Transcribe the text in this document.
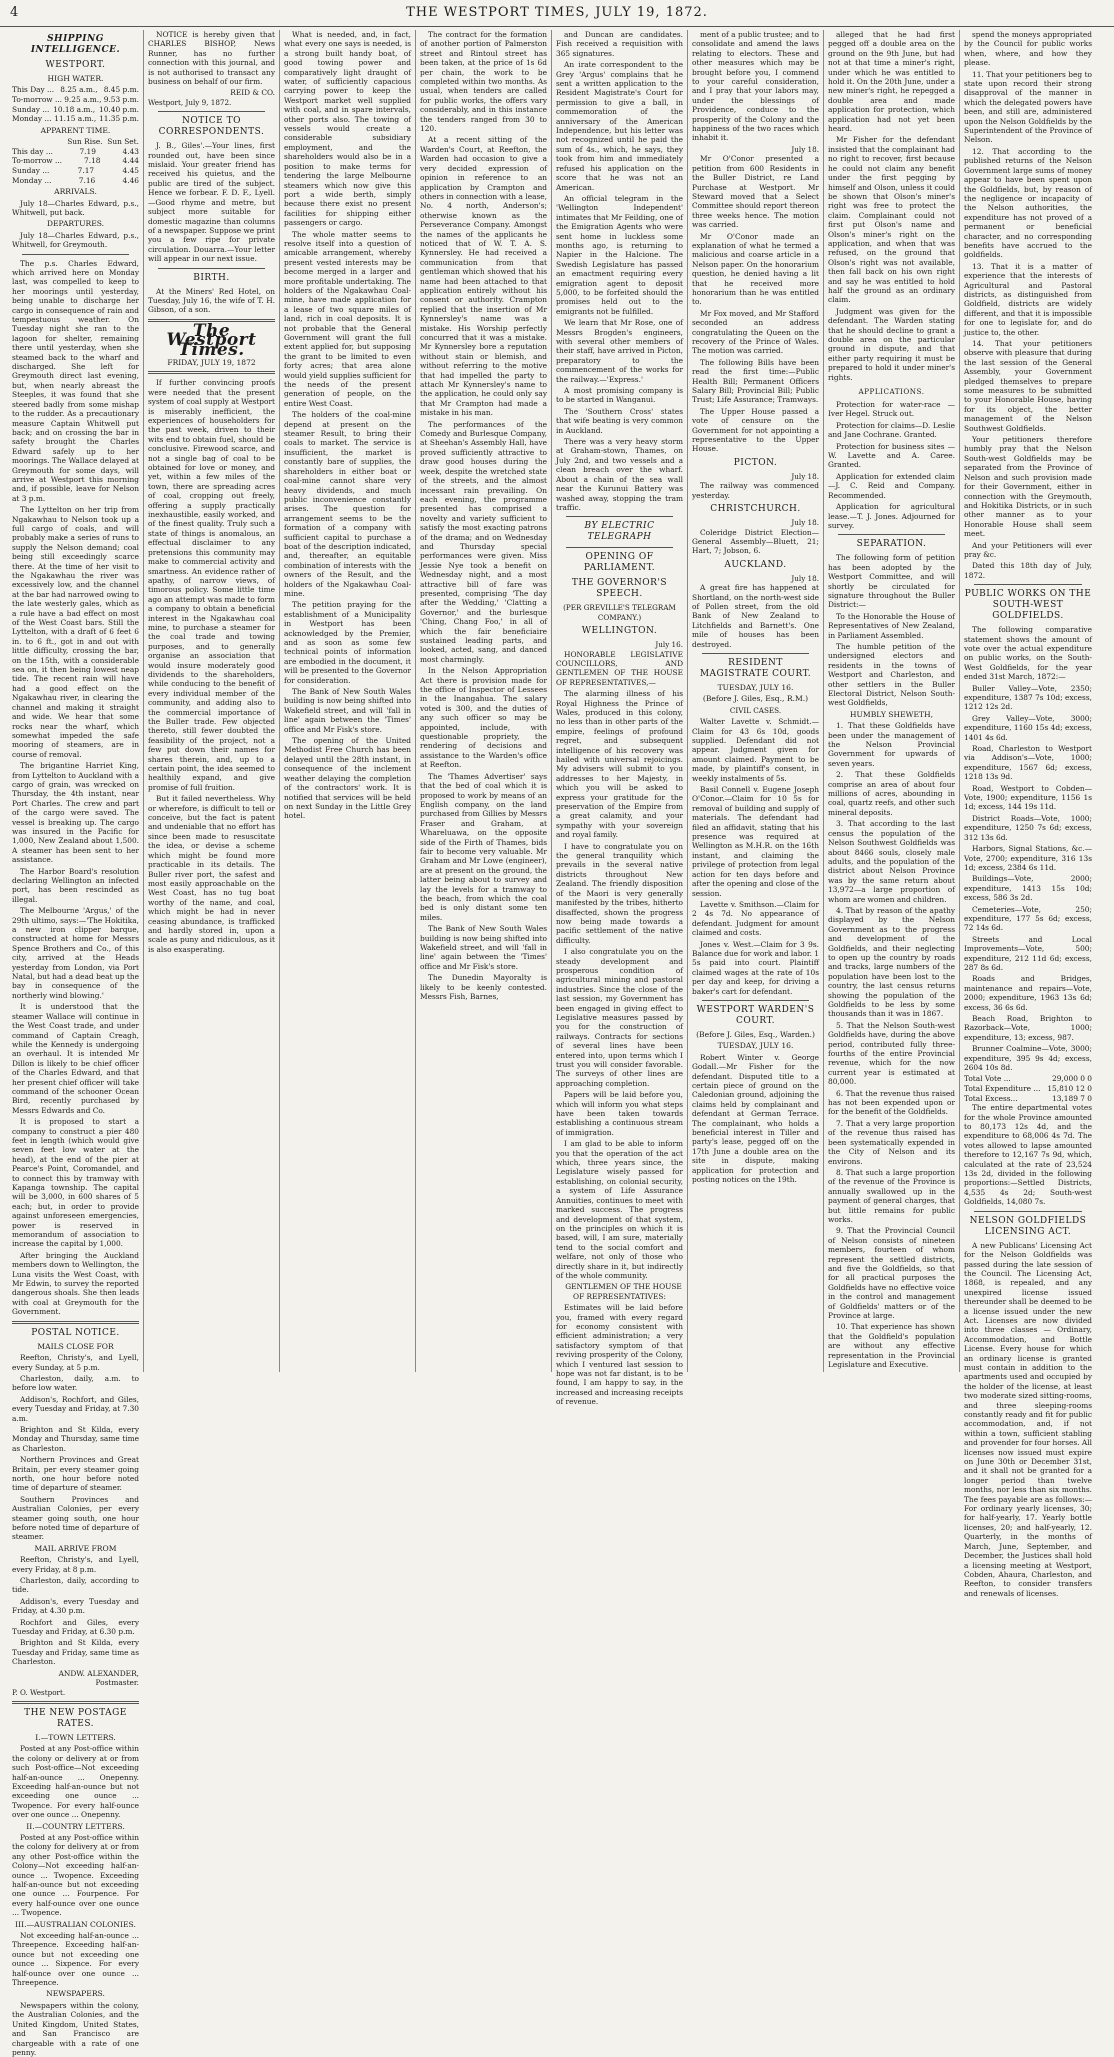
4	THE WESTPORT TIMES, JULY 19, 1872.
SHIPPING INTELLIGENCE.
WESTPORT.
HIGH WATER.
This Day ... 8.25 a.m., 8.45 p.m.
To-morrow ... 9.25 a.m., 9.53 p.m.
Sunday ... 10.18 a.m., 10.40 p.m.
Monday ... 11.15 a.m., 11.35 p.m.
APPARENT TIME.
Sun Rise. Sun Set.
This day ...	7.19	4.43
To-morrow ...	7.18	4.44
Sunday ...	7.17	4.45
Monday ...	7.16	4.46
ARRIVALS.

July 18—Charles Edward, p.s., Whitwell, put back.

DEPARTURES.

July 18—Charles Edward, p.s., Whitwell, for Greymouth.

The p.s. Charles Edward, which arrived here on Monday last, was compelled to keep to her moorings until yesterday, being unable to discharge her cargo in consequence of rain and tempestuous weather. On Tuesday night she ran to the lagoon for shelter, remaining there until yesterday, when she steamed back to the wharf and discharged. She left for Greymouth direct last evening, but, when nearly abreast the Steeples, it was found that she steered badly from some mishap to the rudder. As a precautionary measure Captain Whitwell put back; and on crossing the bar in safety brought the Charles Edward safely up to her moorings. The Wallace delayed at Greymouth for some days, will arrive at Westport this morning and, if possible, leave for Nelson at 3 p.m.

The Lyttelton on her trip from Ngakawhau to Nelson took up a full cargo of coals, and will probably make a series of runs to supply the Nelson demand; coal being still exceedingly scarce there. At the time of her visit to the Ngakawhau the river was excessively low, and the channel at the bar had narrowed owing to the late westerly gales, which as a rule have a bad effect on most of the West Coast bars. Still the Lyttelton, with a draft of 6 feet 6 in. to 6 ft., got in and out with little difficulty, crossing the bar, on the 15th, with a considerable sea on, it then being lowest neap tide. The recent rain will have had a good effect on the Ngakawhau river, in clearing the channel and making it straight and wide. We hear that some rocks near the wharf, which somewhat impeded the safe mooring of steamers, are in course of removal.

The brigantine Harriet King, from Lyttelton to Auckland with a cargo of grain, was wrecked on Thursday, the 4th instant, near Port Charles. The crew and part of the cargo were saved. The vessel is breaking up. The cargo was insured in the Pacific for 1,000, New Zealand about 1,500. A steamer has been sent to her assistance.

The Harbor Board's resolution declaring Wellington an infected port, has been rescinded as illegal.

The Melbourne 'Argus,' of the 29th ultimo, says:—'The Hokitika, a new iron clipper barque, constructed at home for Messrs Spence Brothers and Co., of this city, arrived at the Heads yesterday from London, via Port Natal, but had a dead beat up the bay in consequence of the northerly wind blowing.'

It is understood that the steamer Wallace will continue in the West Coast trade, and under command of Captain Creagh, while the Kennedy is undergoing an overhaul. It is intended Mr Dillon is likely to be chief officer of the Charles Edward, and that her present chief officer will take command of the schooner Ocean Bird, recently purchased by Messrs Edwards and Co.

It is proposed to start a company to construct a pier 480 feet in length (which would give seven feet low water at the head), at the end of the pier at Pearce's Point, Coromandel, and to connect this by tramway with Kapanga township. The capital will be 3,000, in 600 shares of 5 each; but, in order to provide against unforeseen emergencies, power is reserved in memorandum of association to increase the capital by 1,000.

After bringing the Auckland members down to Wellington, the Luna visits the West Coast, with Mr Edwin, to survey the reported dangerous shoals. She then leads with coal at Greymouth for the Government.

POSTAL NOTICE.
MAILS CLOSE FOR

Reefton, Christy's, and Lyell, every Sunday, at 5 p.m.

Charleston, daily, a.m. to before low water.

Addison's, Rochfort, and Giles, every Tuesday and Friday, at 7.30 a.m.

Brighton and St Kilda, every Monday and Thursday, same time as Charleston.

Northern Provinces and Great Britain, per every steamer going north, one hour before noted time of departure of steamer.

Southern Provinces and Australian Colonies, per every steamer going south, one hour before noted time of departure of steamer.

MAIL ARRIVE FROM

Reefton, Christy's, and Lyell, every Friday, at 8 p.m.

Charleston, daily, according to tide.

Addison's, every Tuesday and Friday, at 4.30 p.m.

Rochfort and Giles, every Tuesday and Friday, at 6.30 p.m.

Brighton and St Kilda, every Tuesday and Friday, same time as Charleston.

ANDW. ALEXANDER,
Postmaster.
P. O. Westport.
THE NEW POSTAGE RATES.
I.—TOWN LETTERS.

Posted at any Post-office within the colony or delivery at or from such Post-office—Not exceeding half-an-ounce ... Onepenny. Exceeding half-an-ounce but not exceeding one ounce ... Twopence. For every half-ounce over one ounce ... Onepenny.

II.—COUNTRY LETTERS.

Posted at any Post-office within the colony for delivery at or from any other Post-office within the Colony—Not exceeding half-an-ounce ... Twopence. Exceeding half-an-ounce but not exceeding one ounce ... Fourpence. For every half-ounce over one ounce ... Twopence.

III.—AUSTRALIAN COLONIES.

Not exceeding half-an-ounce ... Threepence. Exceeding half-an-ounce but not exceeding one ounce ... Sixpence. For every half-ounce over one ounce ... Threepence.

NEWSPAPERS.

Newspapers within the colony, the Australian Colonies, and the United Kingdom, United States, and San Francisco are chargeable with a rate of one penny.

NOTICE is hereby given that CHARLES BISHOP, News Runner, has no further connection with this journal, and is not authorised to transact any business on behalf of our firm.

REID & CO.
Westport, July 9, 1872.
NOTICE TO CORRESPONDENTS.

J. B., Giles'.—Your lines, first rounded out, have been since mislaid. Your greater friend has received his quietus, and the public are tired of the subject. Hence we forbear. F. D. F., Lyell.—Good rhyme and metre, but subject more suitable for domestic magazine than columns of a newspaper. Suppose we print you a few ripe for private circulation. Douarra.—Your letter will appear in our next issue.

BIRTH.

At the Miners' Red Hotel, on Tuesday, July 16, the wife of T. H. Gibson, of a son.

The Westport Times.
FRIDAY, JULY 19, 1872

If further convincing proofs were needed that the present system of coal supply at Westport is miserably inefficient, the experiences of householders for the past week, driven to their wits end to obtain fuel, should be conclusive. Firewood scarce, and not a single bag of coal to be obtained for love or money, and yet, within a few miles of the town, there are spreading acres of coal, cropping out freely, offering a supply practically inexhaustible, easily worked, and of the finest quality. Truly such a state of things is anomalous, an effectual disclaimer to any pretensions this community may make to commercial activity and smartness. An evidence rather of apathy, of narrow views, of timorous policy. Some little time ago an attempt was made to form a company to obtain a beneficial interest in the Ngakawhau coal mine, to purchase a steamer for the coal trade and towing purposes, and to generally organise an association that would insure moderately good dividends to the shareholders, while conducing to the benefit of every individual member of the community, and adding also to the commercial importance of the Buller trade. Few objected thereto, still fewer doubted the feasibility of the project, not a few put down their names for shares therein, and, up to a certain point, the idea seemed to healthily expand, and give promise of full fruition.

But it failed nevertheless. Why or wherefore, is difficult to tell or conceive, but the fact is patent and undeniable that no effort has since been made to resuscitate the idea, or devise a scheme which might be found more practicable in its details. The Buller river port, the safest and most easily approachable on the West Coast, has no tug boat worthy of the name, and coal, which might be had in never ceasing abundance, is trafficked and hardly stored in, upon a scale as puny and ridiculous, as it is also exasperating.

What is needed, and, in fact, what every one says is needed, is a strong built handy boat, of good towing power and comparatively light draught of water, of sufficiently capacious carrying power to keep the Westport market well supplied with coal, and in spare intervals, other ports also. The towing of vessels would create a considerable subsidiary employment, and the shareholders would also be in a position to make terms for tendering the large Melbourne steamers which now give this port a wide berth, simply because there exist no present facilities for shipping either passengers or cargo.

The whole matter seems to resolve itself into a question of amicable arrangement, whereby present vested interests may be become merged in a larger and more profitable undertaking. The holders of the Ngakawhau Coal-mine, have made application for a lease of two square miles of land, rich in coal deposits. It is not probable that the General Government will grant the full extent applied for, but supposing the grant to be limited to even forty acres; that area alone would yield supplies sufficient for the needs of the present generation of people, on the entire West Coast.

The holders of the coal-mine depend at present on the steamer Result, to bring their coals to market. The service is insufficient, the market is constantly bare of supplies, the shareholders in either boat or coal-mine cannot share very heavy dividends, and much public inconvenience constantly arises. The question for arrangement seems to be the formation of a company with sufficient capital to purchase a boat of the description indicated, and, thereafter, an equitable combination of interests with the owners of the Result, and the holders of the Ngakawhau Coal-mine.

The petition praying for the establishment of a Municipality in Westport has been acknowledged by the Premier, and as soon as some few technical points of information are embodied in the document, it will be presented to the Governor for consideration.

The Bank of New South Wales building is now being shifted into Wakefield street, and will 'fall in line' again between the 'Times' office and Mr Fisk's store.

The opening of the United Methodist Free Church has been delayed until the 28th instant, in consequence of the inclement weather delaying the completion of the contractors' work. It is notified that services will be held on next Sunday in the Little Grey hotel.

The contract for the formation of another portion of Palmerston street and Rintoul street has been taken, at the price of 1s 6d per chain, the work to be completed within two months. As usual, when tenders are called for public works, the offers vary considerably, and in this instance the tenders ranged from 30 to 120.

At a recent sitting of the Warden's Court, at Reefton, the Warden had occasion to give a very decided expression of opinion in reference to an application by Crampton and others in connection with a lease, No. 4 north, Anderson's; otherwise known as the Perseverance Company. Amongst the names of the applicants he noticed that of W. T. A. S. Kynnersley. He had received a communication from that gentleman which showed that his name had been attached to that application entirely without his consent or authority. Crampton replied that the insertion of Mr Kynnersley's name was a mistake. His Worship perfectly concurred that it was a mistake. Mr Kynnersley bore a reputation without stain or blemish, and without referring to the motive that had impelled the party to attach Mr Kynnersley's name to the application, he could only say that Mr Crampton had made a mistake in his man.

The performances of the Comedy and Burlesque Company, at Sheehan's Assembly Hall, have proved sufficiently attractive to draw good houses during the week, despite the wretched state of the streets, and the almost incessant rain prevailing. On each evening, the programme presented has comprised a novelty and variety sufficient to satisfy the most exacting patrons of the drama; and on Wednesday and Thursday special performances were given. Miss Jessie Nye took a benefit on Wednesday night, and a most attractive bill of fare was presented, comprising 'The day after the Wedding,' 'Clatting a Governor,' and the burlesque 'Ching, Chang Foo,' in all of which the fair beneficiaire sustained leading parts, and looked, acted, sang, and danced most charmingly.

In the Nelson Appropriation Act there is provision made for the office of Inspector of Lessees in the Inangahua. The salary voted is 300, and the duties of any such officer so may be appointed, include, with questionable propriety, the rendering of decisions and assistance to the Warden's office at Reefton.

The 'Thames Advertiser' says that the bed of coal which it is proposed to work by means of an English company, on the land purchased from Gillies by Messrs Fraser and Graham, at Whareluawa, on the opposite side of the Firth of Thames, bids fair to become very valuable. Mr Graham and Mr Lowe (engineer), are at present on the ground, the latter being about to survey and lay the levels for a tramway to the beach, from which the coal bed is only distant some ten miles.

The Bank of New South Wales building is now being shifted into Wakefield street, and will 'fall in line' again between the 'Times' office and Mr Fisk's store.

The Dunedin Mayoralty is likely to be keenly contested. Messrs Fish, Barnes,

and Duncan are candidates. Fish received a requisition with 365 signatures.

An irate correspondent to the Grey 'Argus' complains that he sent a written application to the Resident Magistrate's Court for permission to give a ball, in commemoration of the anniversary of the American Independence, but his letter was not recognized until he paid the sum of 4s., which, he says, they took from him and immediately refused his application on the score that he was not an American.

An official telegram in the 'Wellington Independent' intimates that Mr Feilding, one of the Emigration Agents who were sent home in luckless some months ago, is returning to Napier in the Halcione. The Swedish Legislature has passed an emactment requiring every emigration agent to deposit 5,000, to be forfeited should the promises held out to the emigrants not be fulfilled.

We learn that Mr Rose, one of Messrs Brogden's engineers, with several other members of their staff, have arrived in Picton, preparatory to the commencement of the works for the railway.—'Express.'

A most promising company is to be started in Wanganui.

The 'Southern Cross' states that wife beating is very common in Auckland.

There was a very heavy storm at Graham-stown, Thames, on July 2nd, and two vessels and a clean breach over the wharf. About a chain of the sea wall near the Kurunui Battery was washed away, stopping the tram traffic.

BY ELECTRIC TELEGRAPH
OPENING OF PARLIAMENT.
THE GOVERNOR'S SPEECH.
(PER GREVILLE'S TELEGRAM COMPANY.)
WELLINGTON.
July 16.

HONORABLE LEGISLATIVE COUNCILLORS, AND GENTLEMEN OF THE HOUSE OF REPRESENTATIVES,—

The alarming illness of his Royal Highness the Prince of Wales, produced in this colony, no less than in other parts of the empire, feelings of profound regret, and subsequent intelligence of his recovery was hailed with universal rejoicings. My advisers will submit to you addresses to her Majesty, in which you will be asked to express your gratitude for the preservation of the Empire from a great calamity, and your sympathy with your sovereign and royal family.

I have to congratulate you on the general tranquility which prevails in the several native districts throughout New Zealand. The friendly disposition of the Maori is very generally manifested by the tribes, hitherto disaffected, shown the progress now being made towards a pacific settlement of the native difficulty.

I also congratulate you on the steady development and prosperous condition of agricultural mining and pastoral industries. Since the close of the last session, my Government has been engaged in giving effect to Legislative measures passed by you for the construction of railways. Contracts for sections of several lines have been entered into, upon terms which I trust you will consider favorable. The surveys of other lines are approaching completion.

Papers will be laid before you, which will inform you what steps have been taken towards establishing a continuous stream of immigration.

I am glad to be able to inform you that the operation of the act which, three years since, the Legislature wisely passed for establishing, on colonial security, a system of Life Assurance Annuities, continues to meet with marked success. The progress and development of that system, on the principles on which it is based, will, I am sure, materially tend to the social comfort and welfare, not only of those who directly share in it, but indirectly of the whole community.

GENTLEMEN OF THE HOUSE OF REPRESENTATIVES:

Estimates will be laid before you, framed with every regard for economy consistent with efficient administration; a very satisfactory symptom of that reviving prosperity of the Colony, which I ventured last session to hope was not far distant, is to be found, I am happy to say, in the increased and increasing receipts of revenue.

ment of a public trustee; and to consolidate and amend the laws relating to electors. These and other measures which may be brought before you, I commend to your careful consideration, and I pray that your labors may, under the blessings of Providence, conduce to the prosperity of the Colony and the happiness of the two races which inhabit it.

July 18.

Mr O'Conor presented a petition from 600 Residents in the Buller District, re Land Purchase at Westport. Mr Steward moved that a Select Committee should report thereon three weeks hence. The motion was carried.

Mr O'Conor made an explanation of what he termed a malicious and coarse article in a Nelson paper. On the honorarium question, he denied having a lit that he received more honorarium than he was entitled to.

Mr Fox moved, and Mr Stafford seconded an address congratulating the Queen on the recovery of the Prince of Wales. The motion was carried.

The following Bills have been read the first time:—Public Health Bill; Permanent Officers Salary Bill; Provincial Bill; Public Trust; Life Assurance; Tramways.

The Upper House passed a vote of censure on the Government for not appointing a representative to the Upper House.

PICTON.
July 18.

The railway was commenced yesterday.

CHRISTCHURCH.
July 18.

Coleridge District Election—General Assembly—Bluett, 21; Hart, 7; Jobson, 6.

AUCKLAND.
July 18.

A great fire has happened at Shortland, on the north-west side of Pollen street, from the old Bank of New Zealand to Litchfields and Barnett's. One mile of houses has been destroyed.

RESIDENT MAGISTRATE COURT.
TUESDAY, JULY 16.
(Before J. Giles, Esq., R.M.)
CIVIL CASES.

Walter Lavette v. Schmidt.—Claim for 43 6s 10d, goods supplied. Defendant did not appear. Judgment given for amount claimed. Payment to be made, by plaintiff's consent, in weekly instalments of 5s.

Basil Connell v. Eugene Joseph O'Conor.—Claim for 10 5s for removal of building and supply of materials. The defendant had filed an affidavit, stating that his presence was required at Wellington as M.H.R. on the 16th instant, and claiming the privilege of protection from legal action for ten days before and after the opening and close of the session.

Lavette v. Smithson.—Claim for 2 4s 7d. No appearance of defendant. Judgment for amount claimed and costs.

Jones v. West.—Claim for 3 9s. Balance due for work and labor. 1 5s paid into court. Plaintiff claimed wages at the rate of 10s per day and keep, for driving a baker's cart for defendant.

WESTPORT WARDEN'S COURT.
(Before J. Giles, Esq., Warden.)
TUESDAY, JULY 16.

Robert Winter v. George Godall.—Mr Fisher for the defendant. Disputed title to a certain piece of ground on the Caledonian ground, adjoining the claims held by complainant and defendant at German Terrace. The complainant, who holds a beneficial interest in Tiller and party's lease, pegged off on the 17th June a double area on the site in dispute, making application for protection and posting notices on the 19th.

alleged that he had first pegged off a double area on the ground on the 9th June, but had not at that time a miner's right, under which he was entitled to hold it. On the 20th June, under a new miner's right, he repegged a double area and made application for protection, which application had not yet been heard.

Mr Fisher for the defendant insisted that the complainant had no right to recover, first because he could not claim any benefit under the first pegging by himself and Olson, unless it could be shown that Olson's miner's right was free to protect the claim. Complainant could not first put Olson's name and Olson's miner's right on the application, and when that was refused, on the ground that Olson's right was not available, then fall back on his own right and say he was entitled to hold half the ground as an ordinary claim.

Judgment was given for the defendant. The Warden stating that he should decline to grant a double area on the particular ground in dispute, and that either party requiring it must be prepared to hold it under miner's rights.

APPLICATIONS.

Protection for water-race — Iver Hegel. Struck out.

Protection for claims—D. Leslie and Jane Cochrane. Granted.

Protection for business sites — W. Lavette and A. Caree. Granted.

Application for extended claim—J. C. Reid and Company. Recommended.

Application for agricultural lease.—T. J. Jones. Adjourned for survey.

SEPARATION.

The following form of petition has been adopted by the Westport Committee, and will shortly be circulated for signature throughout the Buller District:—

To the Honorable the House of Representatives of New Zealand, in Parliament Assembled.

The humble petition of the undersigned electors and residents in the towns of Westport and Charleston, and other settlers in the Buller Electoral District, Nelson South-west Goldfields,

HUMBLY SHEWETH,

1. That these Goldfields have been under the management of the Nelson Provincial Government for upwards of seven years.

2. That these Goldfields comprise an area of about four millions of acres, abounding in coal, quartz reefs, and other such mineral deposits.

3. That according to the last census the population of the Nelson Southwest Goldfields was about 8466 souls, closely male adults, and the population of the district about Nelson Province was by the same return about 13,972—a large proportion of whom are women and children.

4. That by reason of the apathy displayed by the Nelson Government as to the progress and development of the Goldfields, and their neglecting to open up the country by roads and tracks, large numbers of the population have been lost to the country, the last census returns showing the population of the Goldfields to be less by some thousands than it was in 1867.

5. That the Nelson South-west Goldfields have, during the above period, contributed fully three-fourths of the entire Provincial revenue, which for the now current year is estimated at 80,000.

6. That the revenue thus raised has not been expended upon or for the benefit of the Goldfields.

7. That a very large proportion of the revenue thus raised has been systematically expended in the City of Nelson and its environs.

8. That such a large proportion of the revenue of the Province is annually swallowed up in the payment of general charges, that but little remains for public works.

9. That the Provincial Council of Nelson consists of nineteen members, fourteen of whom represent the settled districts, and five the Goldfields, so that for all practical purposes the Goldfields have no effective voice in the control and management of Goldfields' matters or of the Province at large.

10. That experience has shown that the Goldfield's population are without any effective representation in the Provincial Legislature and Executive.

spend the moneys appropriated by the Council for public works when, where, and how they please.

11. That your petitioners beg to state upon record their strong disapproval of the manner in which the delegated powers have been, and still are, administered upon the Nelson Goldfields by the Superintendent of the Province of Nelson.

12. That according to the published returns of the Nelson Government large sums of money appear to have been spent upon the Goldfields, but, by reason of the negligence or incapacity of the Nelson authorities, the expenditure has not proved of a permanent or beneficial character, and no corresponding benefits have accrued to the goldfields.

13. That it is a matter of experience that the interests of Agricultural and Pastoral districts, as distinguished from Goldfield, districts are widely different, and that it is impossible for one to legislate for, and do justice to, the other.

14. That your petitioners observe with pleasure that during the last session of the General Assembly, your Government pledged themselves to prepare some measures to be submitted to your Honorable House, having for its object, the better management of the Nelson Southwest Goldfields.

Your petitioners therefore humbly pray that the Nelson South-west Goldfields may be separated from the Province of Nelson and such provision made for their Government, either in connection with the Greymouth, and Hokitika Districts, or in such other manner as to your Honorable House shall seem meet.

And your Petitioners will ever pray &c.

Dated this 18th day of July, 1872.

PUBLIC WORKS ON THE SOUTH-WEST GOLDFIELDS.

The following comparative statement shows the amount of vote over the actual expenditure on public works, on the South-West Goldfields, for the year ended 31st March, 1872:—

Buller Valley—Vote, 2350; expenditure, 1387 7s 10d; excess, 1212 12s 2d.

Grey Valley—Vote, 3000; expenditure, 1160 15s 4d; excess, 1401 4s 6d.

Road, Charleston to Westport via Addison's—Vote, 1000; expenditure, 1567 6d; excess, 1218 13s 9d.

Road, Westport to Cobden—Vote, 1900; expenditure, 1156 1s 1d; excess, 144 19s 11d.

District Roads—Vote, 1000; expenditure, 1250 7s 6d; excess, 312 13s 6d.

Harbors, Signal Stations, &c.—Vote, 2700; expenditure, 316 13s 1d; excess, 2384 6s 11d.

Buildings—Vote, 2000; expenditure, 1413 15s 10d; excess, 586 3s 2d.

Cemeteries—Vote, 250; expenditure, 177 5s 6d; excess, 72 14s 6d.

Streets and Local Improvements—Vote, 500; expenditure, 212 11d 6d; excess, 287 8s 6d.

Roads and Bridges, maintenance and repairs—Vote, 2000; expenditure, 1963 13s 6d; excess, 36 6s 6d.

Beach Road, Brighton to Razorback—Vote, 1000; expenditure, 13; excess, 987.

Brunner Coalmine—Vote, 3000; expenditure, 395 9s 4d; excess, 2604 10s 8d.

Total Vote ...	29,000 0 0
Total Expenditure ... 15,810 12 0
Total Excess...	13,189 7 0

The entire departmental votes for the whole Province amounted to 80,173 12s 4d, and the expenditure to 68,006 4s 7d. The votes allowed to lapse amounted therefore to 12,167 7s 9d, which, calculated at the rate of 23,524 13s 2d, divided in the following proportions:—Settled Districts, 4,535 4s 2d; South-west Goldfields, 14,080 7s.

NELSON GOLDFIELDS LICENSING ACT.

A new Publicans' Licensing Act for the Nelson Goldfields was passed during the late session of the Council. The Licensing Act, 1868, is repealed, and any unexpired license issued thereunder shall be deemed to be a license issued under the new Act. Licenses are now divided into three classes — Ordinary, Accommodation, and Bottle License. Every house for which an ordinary license is granted must contain in addition to the apartments used and occupied by the holder of the license, at least two moderate sized sitting-rooms, and three sleeping-rooms constantly ready and fit for public accommodation, and, if not within a town, sufficient stabling and provender for four horses. All licenses now issued must expire on June 30th or December 31st, and it shall not be granted for a longer period than twelve months, nor less than six months. The fees payable are as follows:—For ordinary yearly licenses, 30; for half-yearly, 17. Yearly bottle licenses, 20; and half-yearly, 12. Quarterly, in the months of March, June, September, and December, the Justices shall hold a licensing meeting at Westport, Cobden, Ahaura, Charleston, and Reefton, to consider transfers and renewals of licenses.
